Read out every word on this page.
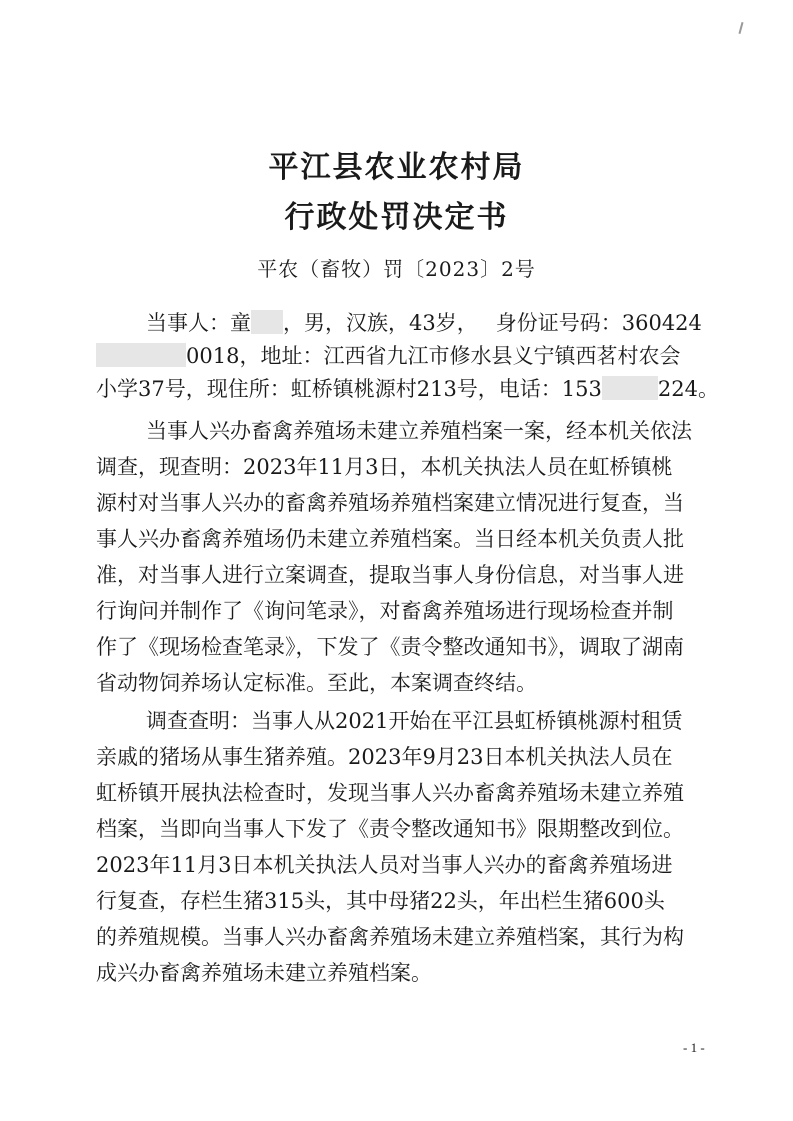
平江县农业农村局
行政处罚决定书
平农（畜牧）罚〔2023〕2号
当事人：童 ，男，汉族，43岁， 身份证号码：360424
0018，地址：江西省九江市修水县义宁镇西茗村农会
小学37号，现住所：虹桥镇桃源村213号，电话：153	224。
当事人兴办畜禽养殖场未建立养殖档案一案，经本机关依法
调查，现查明：2023年11月3日，本机关执法人员在虹桥镇桃
源村对当事人兴办的畜禽养殖场养殖档案建立情况进行复查，当
事人兴办畜禽养殖场仍未建立养殖档案。当日经本机关负责人批
准，对当事人进行立案调查，提取当事人身份信息，对当事人进
行询问并制作了《询问笔录》，对畜禽养殖场进行现场检查并制
作了《现场检查笔录》，下发了《责令整改通知书》，调取了湖南
省动物饲养场认定标准。至此，本案调查终结。
调查查明：当事人从2021开始在平江县虹桥镇桃源村租赁
亲戚的猪场从事生猪养殖。2023年9月23日本机关执法人员在
虹桥镇开展执法检查时，发现当事人兴办畜禽养殖场未建立养殖
档案，当即向当事人下发了《责令整改通知书》限期整改到位。
2023年11月3日本机关执法人员对当事人兴办的畜禽养殖场进
行复查，存栏生猪315头，其中母猪22头，年出栏生猪600头
的养殖规模。当事人兴办畜禽养殖场未建立养殖档案，其行为构
成兴办畜禽养殖场未建立养殖档案。
- 1 -
